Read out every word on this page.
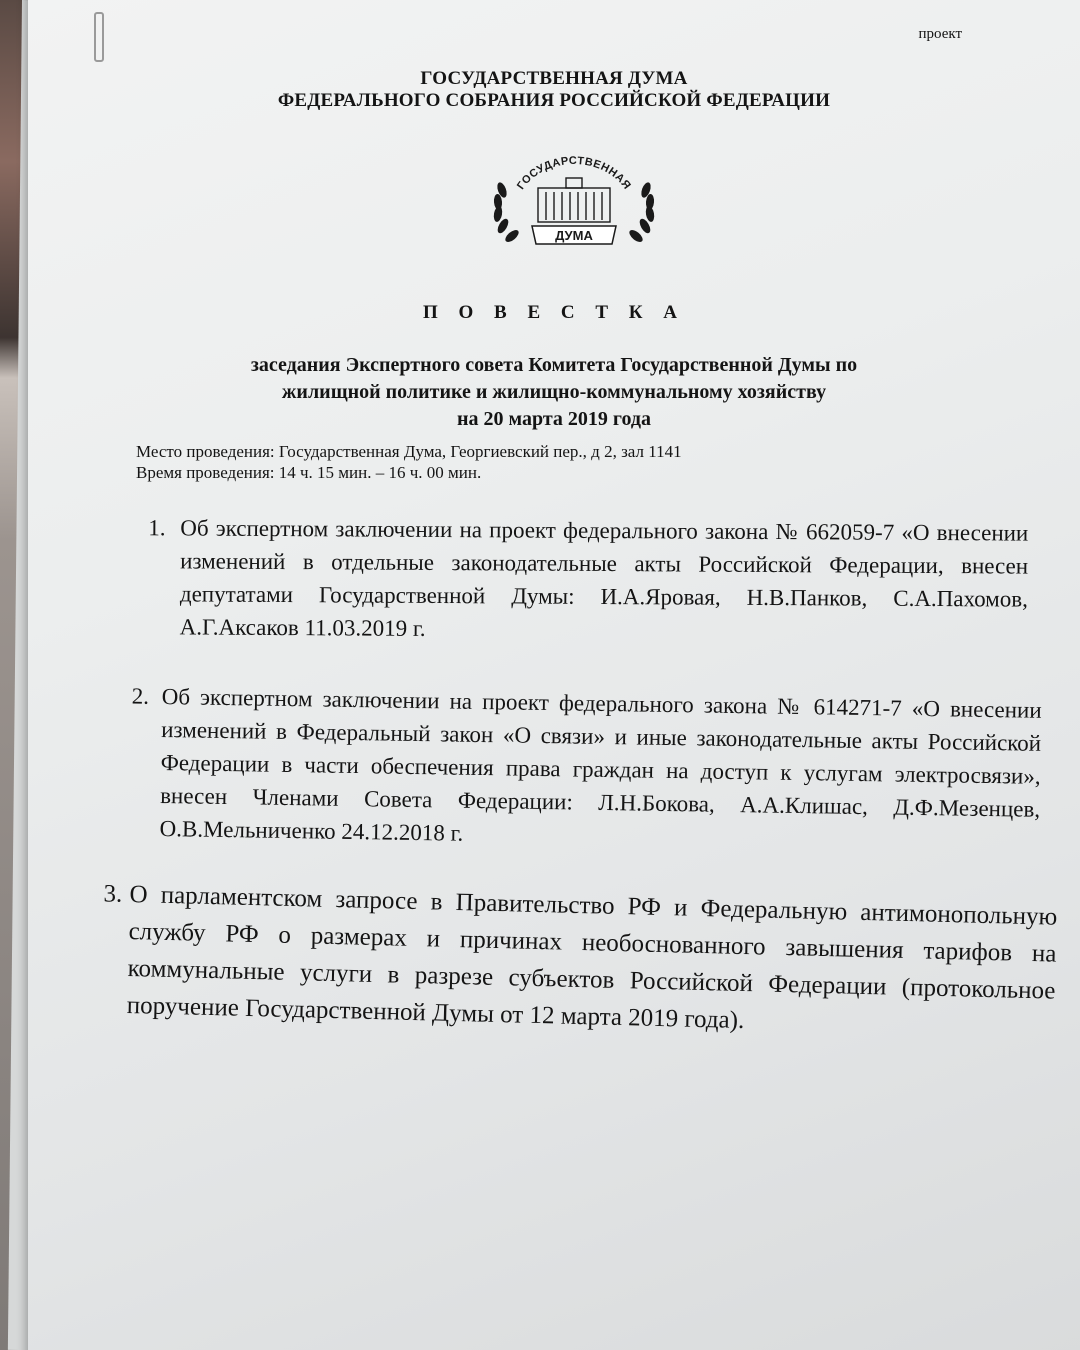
проект
ГОСУДАРСТВЕННАЯ ДУМА
ФЕДЕРАЛЬНОГО СОБРАНИЯ РОССИЙСКОЙ ФЕДЕРАЦИИ
ДУМА
ГОСУДАРСТВЕННАЯ
П О В Е С Т К А
заседания Экспертного совета Комитета Государственной Думы по
жилищной политике и жилищно-коммунальному хозяйству
на 20 марта 2019 года
Место проведения: Государственная Дума, Георгиевский пер., д 2, зал 1141
Время проведения: 14 ч. 15 мин. – 16 ч. 00 мин.
1. Об экспертном заключении на проект федерального закона № 662059-7 «О внесении изменений в отдельные законодательные акты Российской Федерации, внесен депутатами Государственной Думы: И.А.Яровая, Н.В.Панков, С.А.Пахомов, А.Г.Аксаков 11.03.2019 г.

2. Об экспертном заключении на проект федерального закона № 614271-7 «О внесении изменений в Федеральный закон «О связи» и иные законодательные акты Российской Федерации в части обеспечения права граждан на доступ к услугам электросвязи», внесен Членами Совета Федерации: Л.Н.Бокова, А.А.Клишас, Д.Ф.Мезенцев, О.В.Мельниченко 24.12.2018 г.

3. О парламентском запросе в Правительство РФ и Федеральную антимонопольную службу РФ о размерах и причинах необоснованного завышения тарифов на коммунальные услуги в разрезе субъектов Российской Федерации (протокольное поручение Государственной Думы от 12 марта 2019 года).
